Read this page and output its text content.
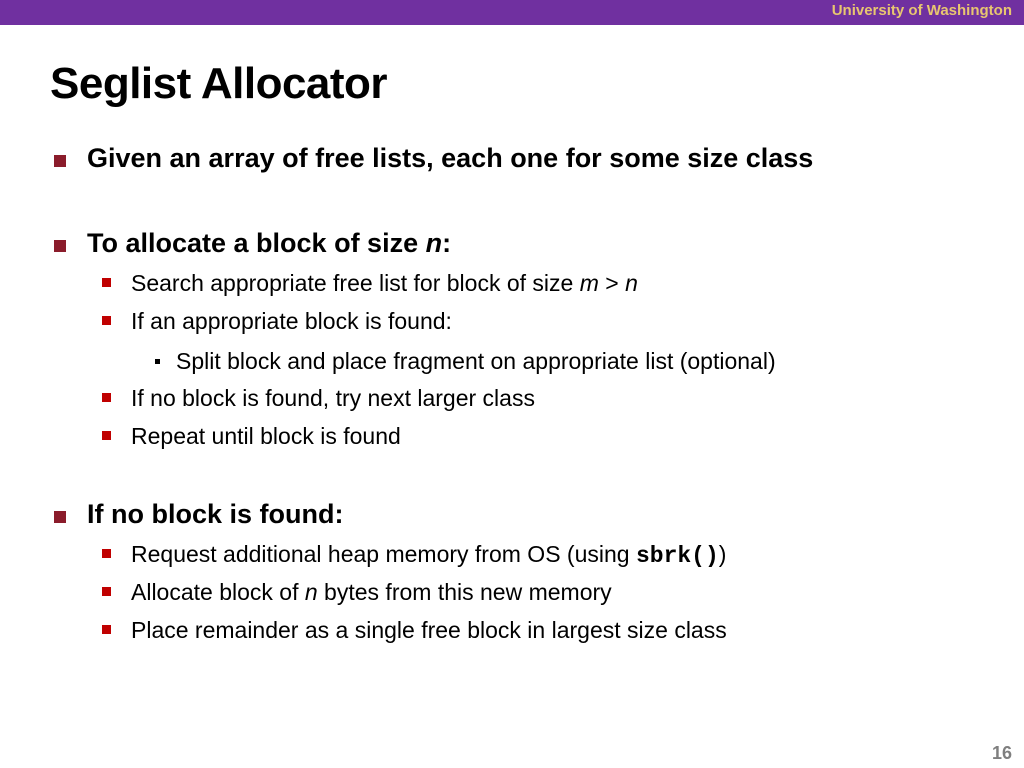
University of Washington
Seglist Allocator
Given an array of free lists, each one for some size class
To allocate a block of size n:
Search appropriate free list for block of size m > n
If an appropriate block is found:
Split block and place fragment on appropriate list (optional)
If no block is found, try next larger class
Repeat until block is found
If no block is found:
Request additional heap memory from OS (using sbrk())
Allocate block of n bytes from this new memory
Place remainder as a single free block in largest size class
16
